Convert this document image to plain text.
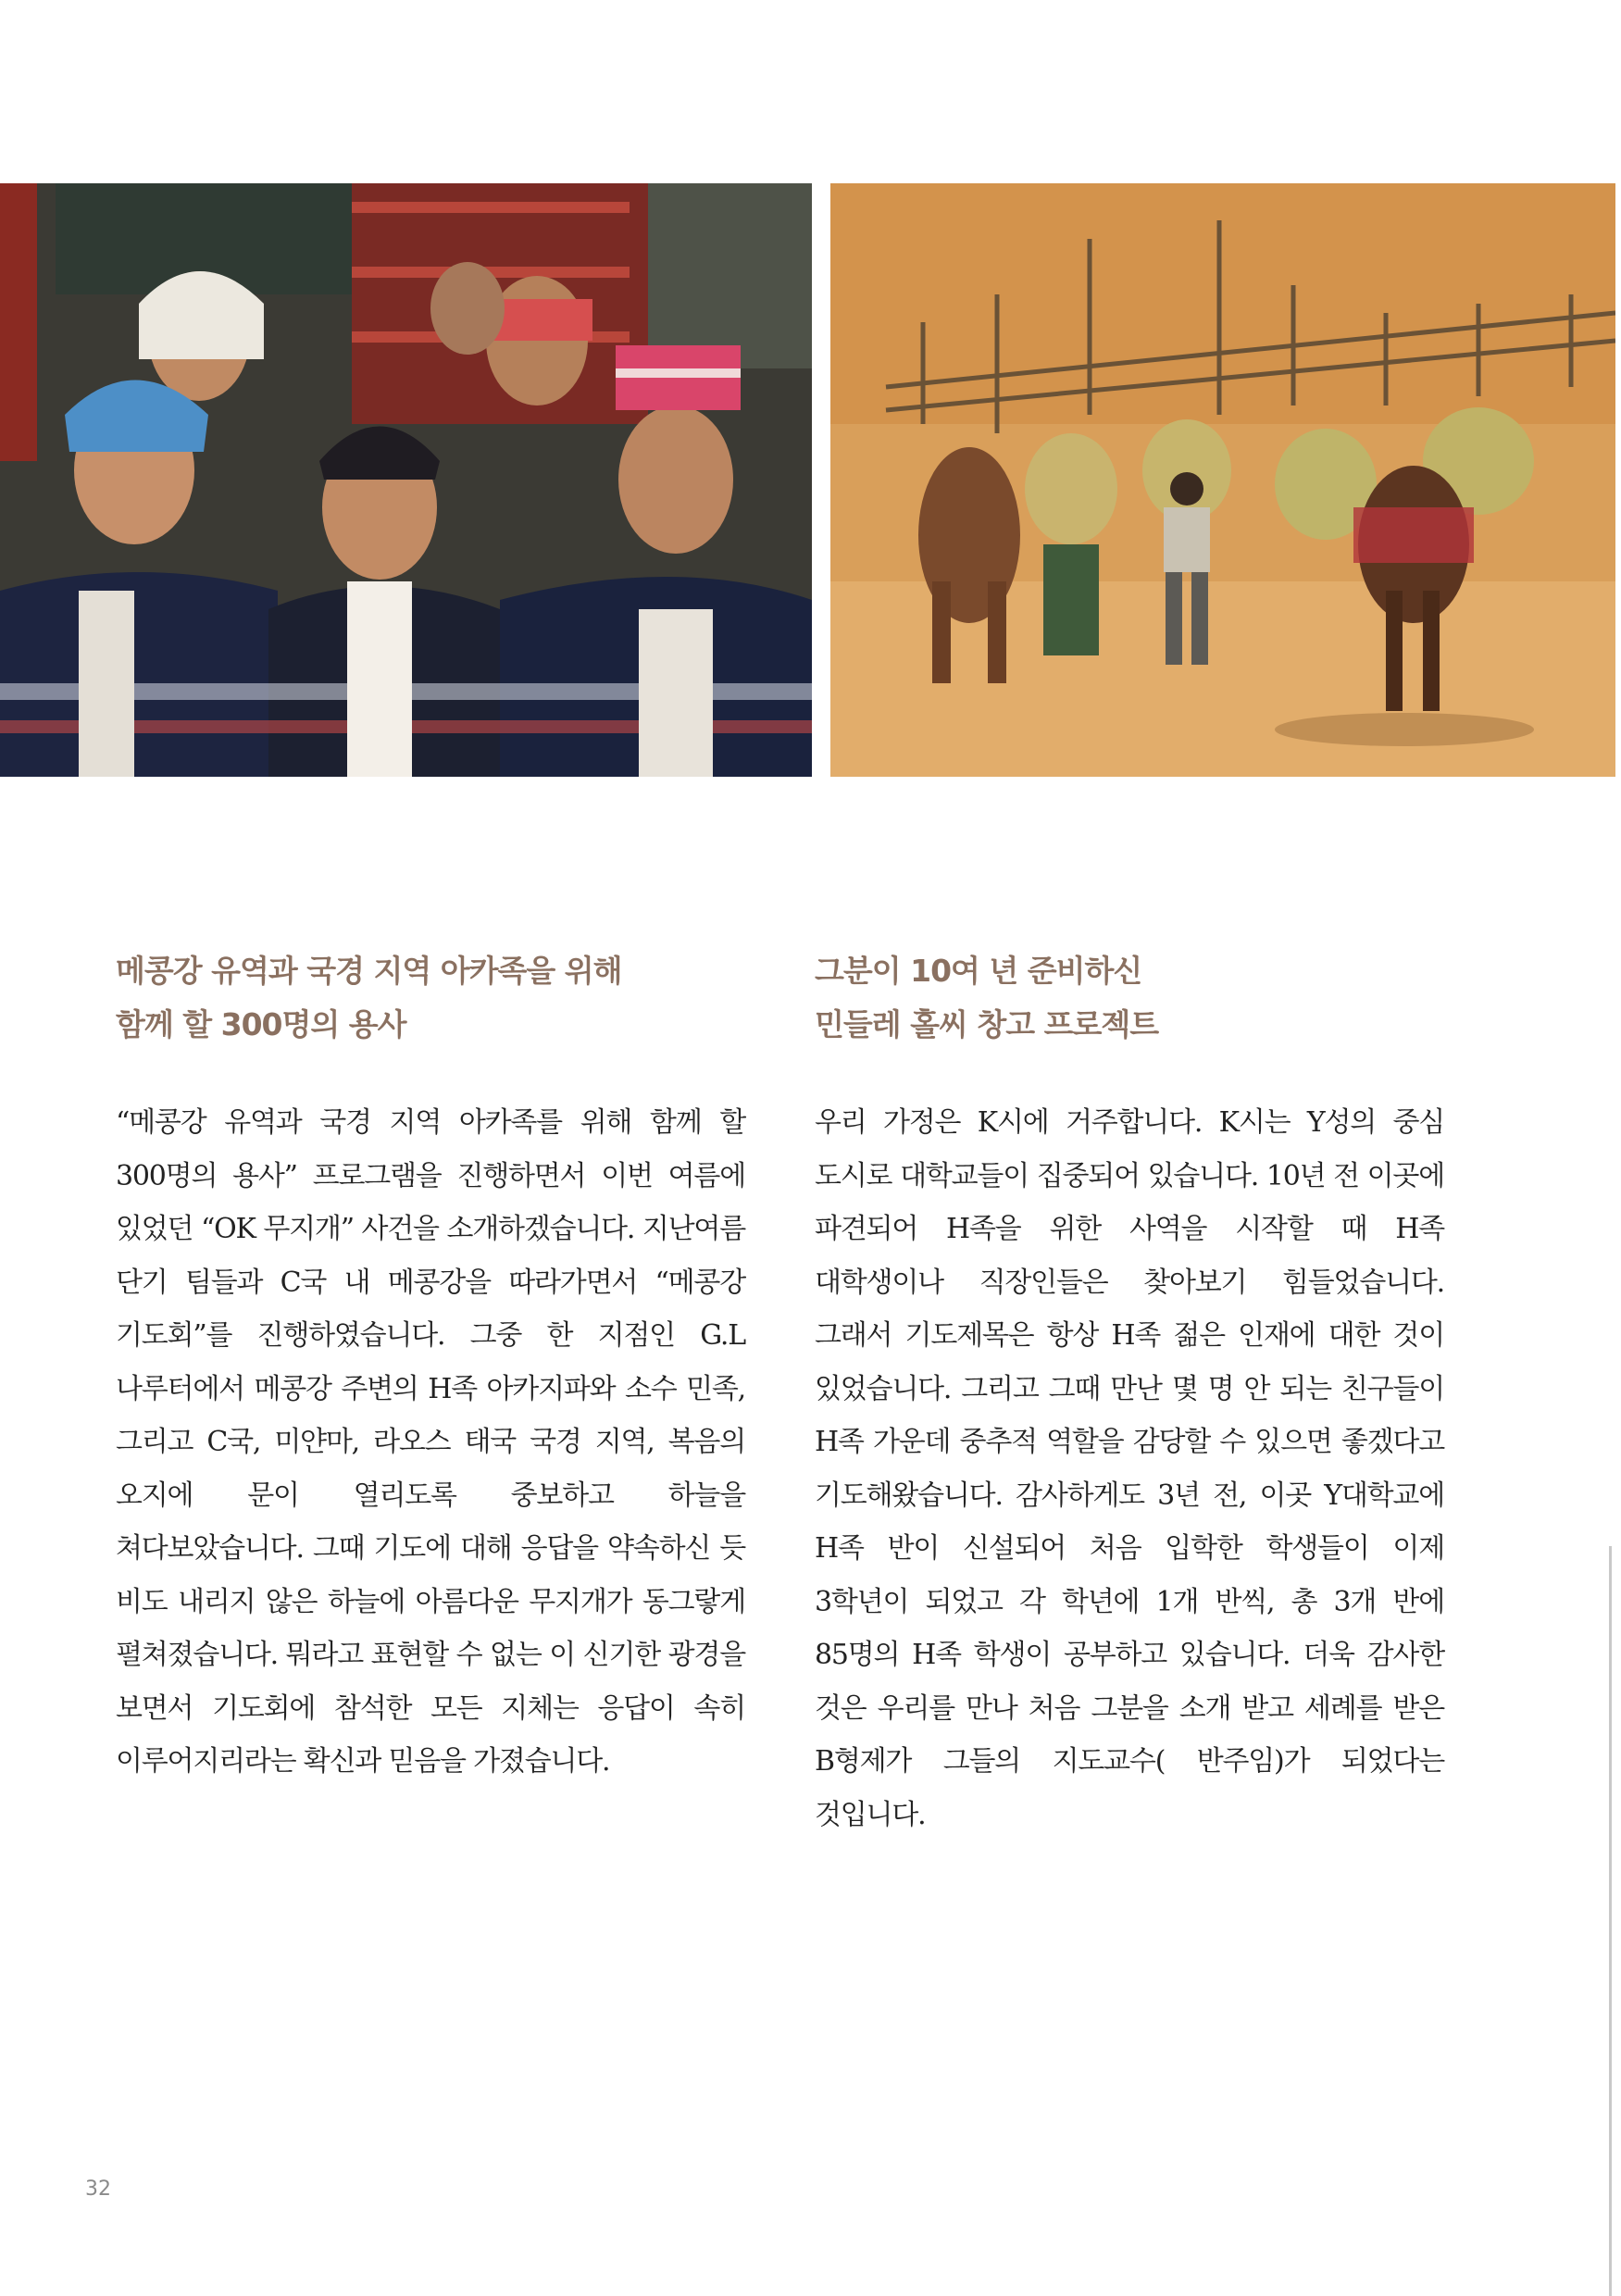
메콩강 유역과 국경 지역 아카족을 위해
함께 할 300명의 용사

“메콩강 유역과 국경 지역 아카족를 위해 함께 할 300명의 용사” 프로그램을 진행하면서 이번 여름에 있었던 “OK 무지개” 사건을 소개하겠습니다. 지난여름 단기 팀들과 C국 내 메콩강을 따라가면서 “메콩강 기도회”를 진행하였습니다. 그중 한 지점인 G.L 나루터에서 메콩강 주변의 H족 아카지파와 소수 민족, 그리고 C국, 미얀마, 라오스 태국 국경 지역, 복음의 오지에 문이 열리도록 중보하고 하늘을 쳐다보았습니다. 그때 기도에 대해 응답을 약속하신 듯 비도 내리지 않은 하늘에 아름다운 무지개가 동그랗게 펼쳐졌습니다. 뭐라고 표현할 수 없는 이 신기한 광경을 보면서 기도회에 참석한 모든 지체는 응답이 속히 이루어지리라는 확신과 믿음을 가졌습니다.

그분이 10여 년 준비하신
민들레 홀씨 창고 프로젝트

우리 가정은 K시에 거주합니다. K시는 Y성의 중심 도시로 대학교들이 집중되어 있습니다. 10년 전 이곳에 파견되어 H족을 위한 사역을 시작할 때 H족 대학생이나 직장인들은 찾아보기 힘들었습니다. 그래서 기도제목은 항상 H족 젊은 인재에 대한 것이 있었습니다. 그리고 그때 만난 몇 명 안 되는 친구들이 H족 가운데 중추적 역할을 감당할 수 있으면 좋겠다고 기도해왔습니다. 감사하게도 3년 전, 이곳 Y대학교에 H족 반이 신설되어 처음 입학한 학생들이 이제 3학년이 되었고 각 학년에 1개 반씩, 총 3개 반에 85명의 H족 학생이 공부하고 있습니다. 더욱 감사한 것은 우리를 만나 처음 그분을 소개 받고 세례를 받은 B형제가 그들의 지도교수( 반주임)가 되었다는 것입니다.

32
